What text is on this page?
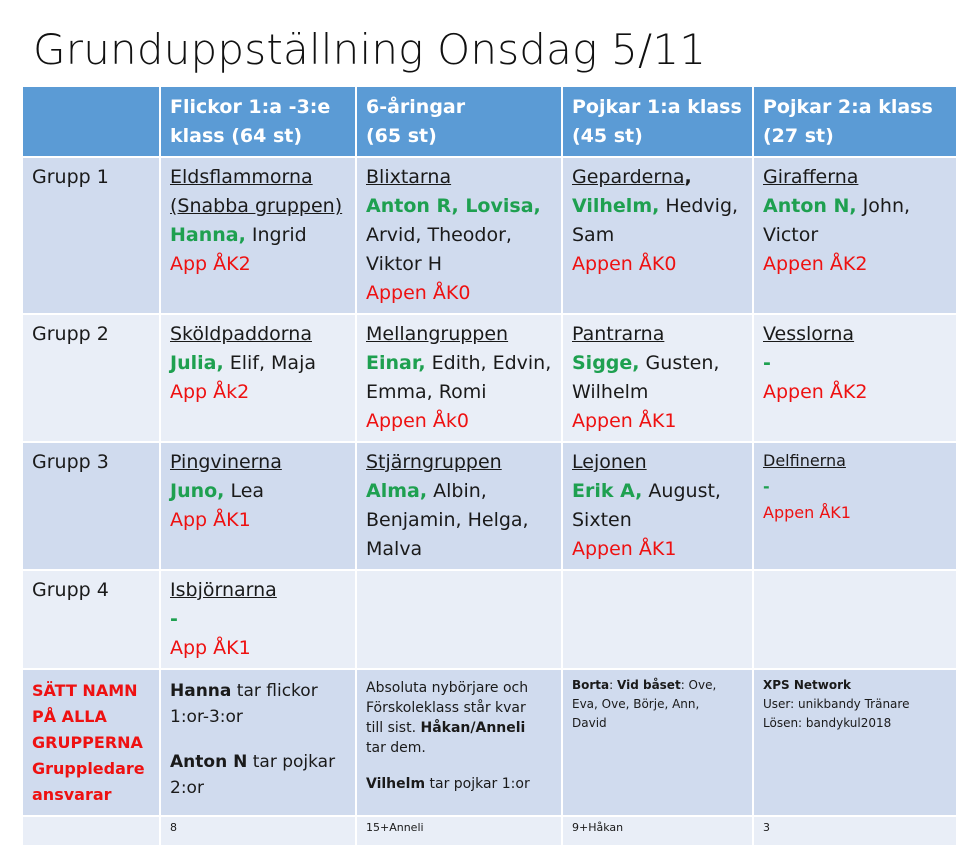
Grunduppställning Onsdag 5/11

	Flickor 1:a -3:e
klass (64 st)	6-åringar
(65 st)	Pojkar 1:a klass
(45 st)	Pojkar 2:a klass
(27 st)

Grupp 1	Eldsflammorna
(Snabba gruppen)
Hanna, Ingrid
App ÅK2	Blixtarna
Anton R, Lovisa,
Arvid, Theodor,
Viktor H
Appen ÅK0	Geparderna,
Vilhelm, Hedvig,
Sam
Appen ÅK0	Girafferna
Anton N, John,
Victor
Appen ÅK2

Grupp 2	Sköldpaddorna
Julia, Elif, Maja
App Åk2	Mellangruppen
Einar, Edith, Edvin,
Emma, Romi
Appen Åk0	Pantrarna
Sigge, Gusten,
Wilhelm
Appen ÅK1	Vesslorna
-
Appen ÅK2

Grupp 3	Pingvinerna
Juno, Lea
App ÅK1	Stjärngruppen
Alma, Albin,
Benjamin, Helga,
Malva	Lejonen
Erik A, August,
Sixten
Appen ÅK1	Delfinerna
-
Appen ÅK1

Grupp 4	Isbjörnarna
-
App ÅK1			

SÄTT NAMN
PÅ ALLA
GRUPPERNA
Gruppledare
ansvarar	Hanna tar flickor
1:or-3:or
Anton N tar pojkar
2:or	Absoluta nybörjare och
Förskoleklass står kvar
till sist. Håkan/Anneli
tar dem.
Vilhelm tar pojkar 1:or	Borta: Vid båset: Ove,
Eva, Ove, Börje, Ann,
David	XPS Network
User: unikbandy Tränare
Lösen: bandykul2018

	8	15+Anneli	9+Håkan	3
